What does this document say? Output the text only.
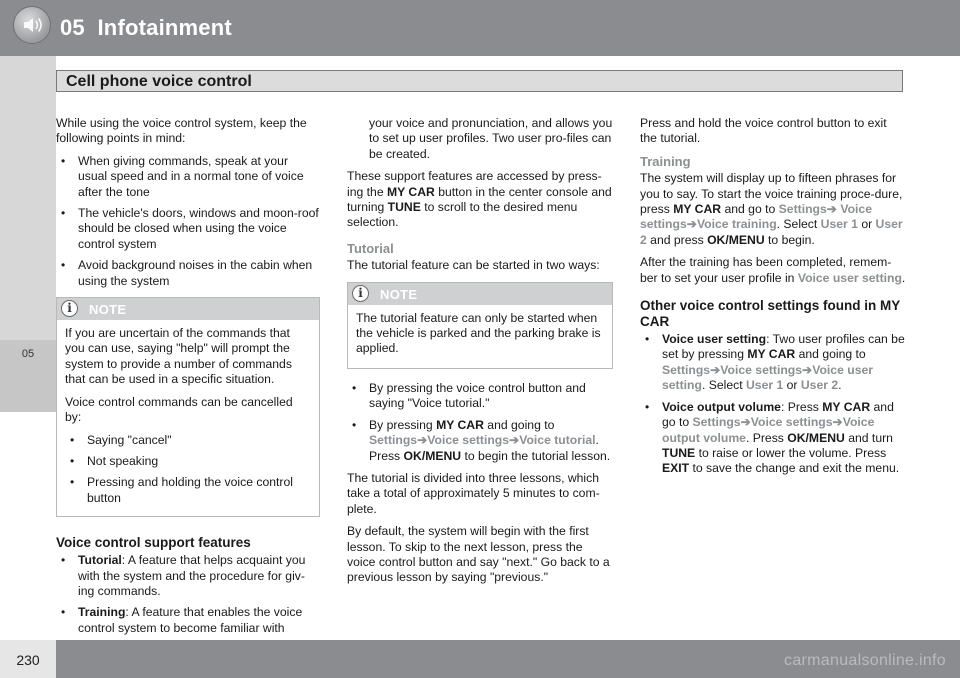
05 Infotainment
Cell phone voice control
05
230	carmanualsonline.info

While using the voice control system, keep the following points in mind:

• When giving commands, speak at your usual speed and in a normal tone of voice after the tone
• The vehicle's doors, windows and moon-roof should be closed when using the voice control system
• Avoid background noises in the cabin when using the system
i	NOTE

If you are uncertain of the commands that you can use, saying "help" will prompt the system to provide a number of commands that can be used in a specific situation.

Voice control commands can be cancelled by:

• Saying "cancel"
• Not speaking
• Pressing and holding the voice control button
Voice control support features
• Tutorial: A feature that helps acquaint you with the system and the procedure for giv-ing commands.
• Training: A feature that enables the voice control system to become familiar with

your voice and pronunciation, and allows you to set up user profiles. Two user pro-files can be created.

These support features are accessed by press-ing the MY CAR button in the center console and turning TUNE to scroll to the desired menu selection.

Tutorial

The tutorial feature can be started in two ways:

i	NOTE

The tutorial feature can only be started when the vehicle is parked and the parking brake is applied.

• By pressing the voice control button and saying "Voice tutorial."
• By pressing MY CAR and going to
Settings➔Voice settings➔Voice tutorial. Press OK/MENU to begin the tutorial lesson.

The tutorial is divided into three lessons, which take a total of approximately 5 minutes to com-plete.

By default, the system will begin with the first lesson. To skip to the next lesson, press the voice control button and say "next." Go back to a previous lesson by saying "previous."

Press and hold the voice control button to exit the tutorial.

Training

The system will display up to fifteen phrases for you to say. To start the voice training proce-dure, press MY CAR and go to Settings➔ Voice settings➔Voice training. Select User 1 or User 2 and press OK/MENU to begin.

After the training has been completed, remem-ber to set your user profile in Voice user setting.

Other voice control settings found in MY CAR
• Voice user setting: Two user profiles can be set by pressing MY CAR and going to
Settings➔Voice settings➔Voice user setting. Select User 1 or User 2.
• Voice output volume: Press MY CAR and go to Settings➔Voice settings➔Voice output volume. Press OK/MENU and turn TUNE to raise or lower the volume. Press EXIT to save the change and exit the menu.
